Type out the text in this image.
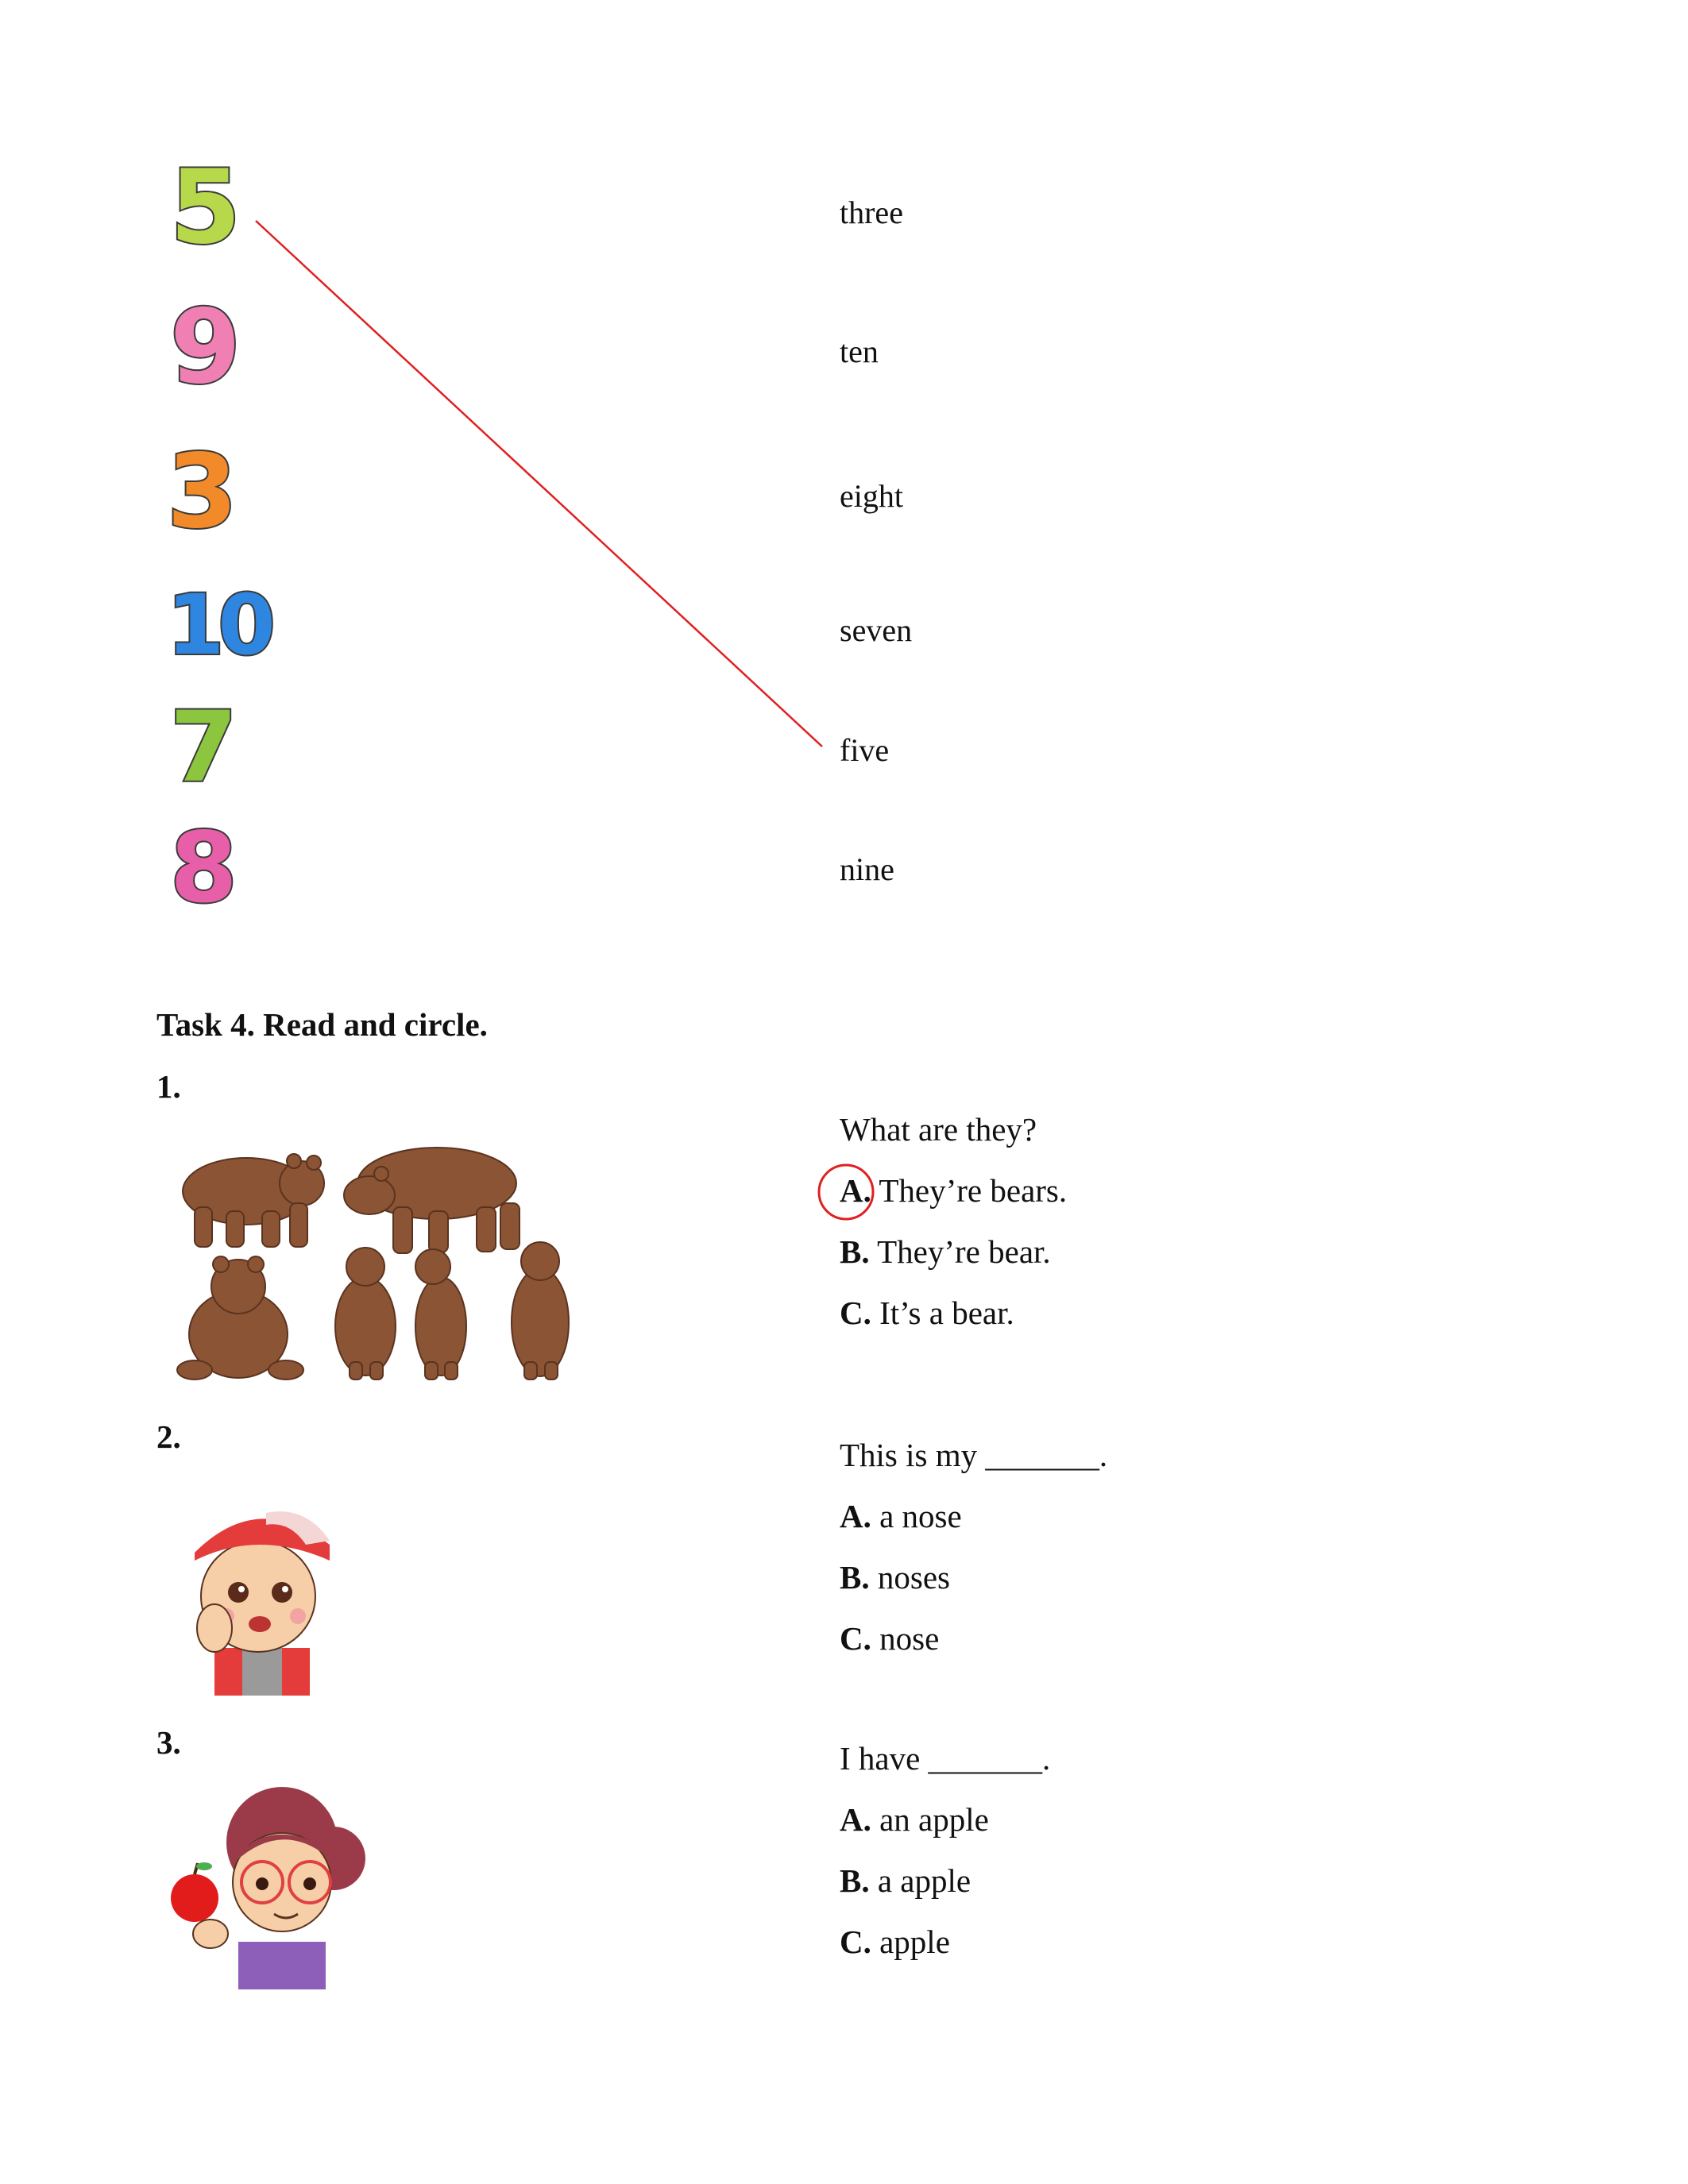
5
9
3
10
7
8
three
ten
eight
seven
five
nine
Task 4. Read and circle.
1.
What are they?
A. They’re bears.
B. They’re bear.
C. It’s a bear.
2.	This is my _______.
A. a nose
B. noses
C. nose
3.	I have _______.
A. an apple
B. a apple
C. apple
